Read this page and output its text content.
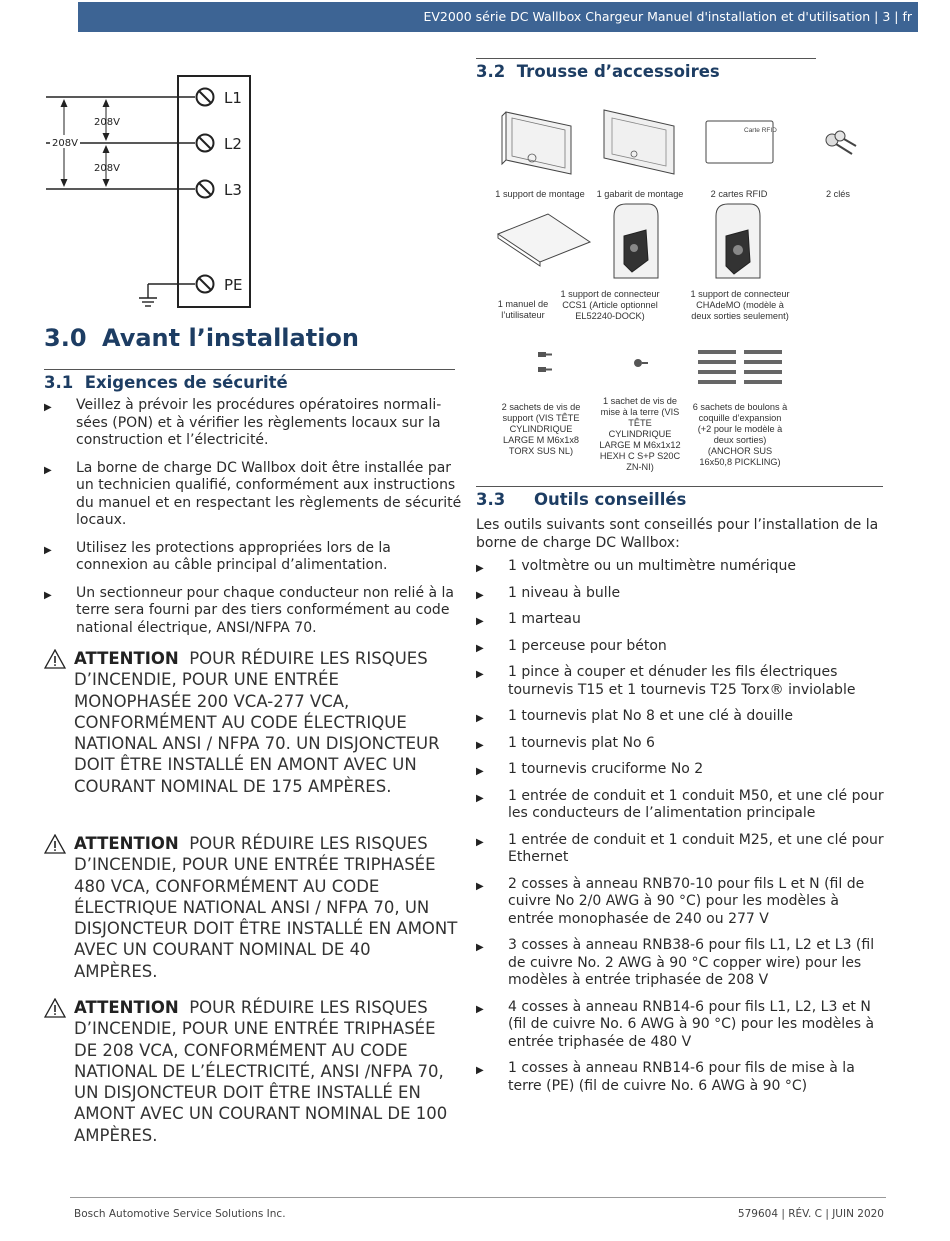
EV2000 série DC Wallbox Chargeur Manuel d'installation et d'utilisation | 3 | fr
L1
L2
L3
PE
208V
208V
208V
3.0 Avant l’installation
3.1 Exigences de sécurité
▶ Veillez à prévoir les procédures opératoires normali-sées (PON) et à vérifier les règlements locaux sur la construction et l’électricité.
▶ La borne de charge DC Wallbox doit être installée par un technicien qualifié, conformément aux instructions du manuel et en respectant les règlements de sécurité locaux.
▶ Utilisez les protections appropriées lors de la connexion au câble principal d’alimentation.
▶ Un sectionneur pour chaque conducteur non relié à la terre sera fourni par des tiers conformément au code national électrique, ANSI/NFPA 70.
ATTENTION POUR RÉDUIRE LES RISQUES D’INCENDIE, POUR UNE ENTRÉE MONOPHASÉE 200 VCA-277 VCA, CONFORMÉMENT AU CODE ÉLECTRIQUE NATIONAL ANSI / NFPA 70. UN DISJONCTEUR DOIT ÊTRE INSTALLÉ EN AMONT AVEC UN COURANT NOMINAL DE 175 AMPÈRES.
ATTENTION POUR RÉDUIRE LES RISQUES D’INCENDIE, POUR UNE ENTRÉE TRIPHASÉE 480 VCA, CONFORMÉMENT AU CODE ÉLECTRIQUE NATIONAL ANSI / NFPA 70, UN DISJONCTEUR DOIT ÊTRE INSTALLÉ EN AMONT AVEC UN COURANT NOMINAL DE 40 AMPÈRES.
ATTENTION POUR RÉDUIRE LES RISQUES D’INCENDIE, POUR UNE ENTRÉE TRIPHASÉE DE 208 VCA, CONFORMÉMENT AU CODE NATIONAL DE L’ÉLECTRICITÉ, ANSI /NFPA 70, UN DISJONCTEUR DOIT ÊTRE INSTALLÉ EN AMONT AVEC UN COURANT NOMINAL DE 100 AMPÈRES.
3.2 Trousse d’accessoires
Carte RFID
1 support de montage	1 gabarit de montage	2 cartes RFID	2 clés
1 manuel de l’utilisateur
1 support de connecteur CCS1 (Article optionnel EL52240-DOCK)
1 support de connecteur CHAdeMO (modèle à deux sorties seulement)
2 sachets de vis de support (VIS TÊTE CYLINDRIQUE LARGE M M6x1x8 TORX SUS NL)
1 sachet de vis de mise à la terre (VIS TÊTE CYLINDRIQUE LARGE M M6x1x12 HEXH C S+P S20C ZN-NI)
6 sachets de boulons à coquille d’expansion (+2 pour le modèle à deux sorties) (ANCHOR SUS 16x50,8 PICKLING)
3.3 Outils conseillés
Les outils suivants sont conseillés pour l’installation de la borne de charge DC Wallbox:
▶ 1 voltmètre ou un multimètre numérique
▶ 1 niveau à bulle
▶ 1 marteau
▶ 1 perceuse pour béton
▶ 1 pince à couper et dénuder les fils électriques tournevis T15 et 1 tournevis T25 Torx® inviolable
▶ 1 tournevis plat No 8 et une clé à douille
▶ 1 tournevis plat No 6
▶ 1 tournevis cruciforme No 2
▶ 1 entrée de conduit et 1 conduit M50, et une clé pour les conducteurs de l’alimentation principale
▶ 1 entrée de conduit et 1 conduit M25, et une clé pour Ethernet
▶ 2 cosses à anneau RNB70-10 pour fils L et N (fil de cuivre No 2/0 AWG à 90 °C) pour les modèles à entrée monophasée de 240 ou 277 V
▶ 3 cosses à anneau RNB38-6 pour fils L1, L2 et L3 (fil de cuivre No. 2 AWG à 90 °C copper wire) pour les modèles à entrée triphasée de 208 V
▶ 4 cosses à anneau RNB14-6 pour fils L1, L2, L3 et N (fil de cuivre No. 6 AWG à 90 °C) pour les modèles à entrée triphasée de 480 V
▶ 1 cosses à anneau RNB14-6 pour fils de mise à la terre (PE) (fil de cuivre No. 6 AWG à 90 °C)
Bosch Automotive Service Solutions Inc.	579604 | RÉV. C | JUIN 2020
